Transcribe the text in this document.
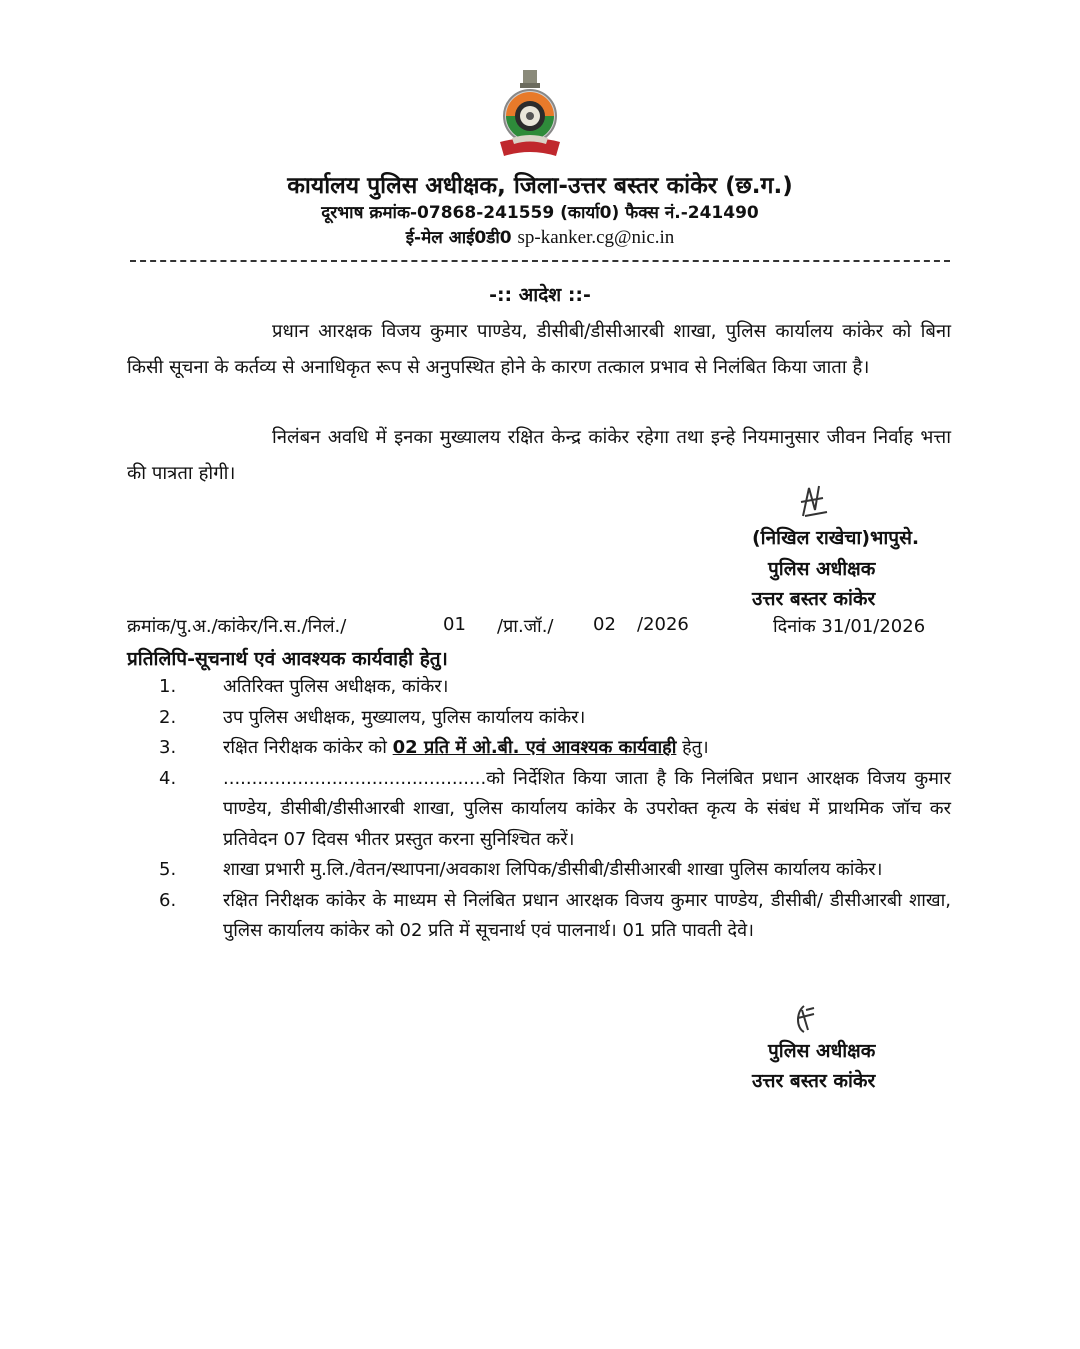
कार्यालय पुलिस अधीक्षक, जिला-उत्तर बस्तर कांकेर (छ.ग.)
दूरभाष क्रमांक-07868-241559 (कार्या0) फैक्स नं.-241490
ई-मेल आई0डी0 sp-kanker.cg@nic.in
-:: आदेश ::-
प्रधान आरक्षक विजय कुमार पाण्डेय, डीसीबी/डीसीआरबी शाखा, पुलिस कार्यालय कांकेर को बिना किसी सूचना के कर्तव्य से अनाधिकृत रूप से अनुपस्थित होने के कारण तत्काल प्रभाव से निलंबित किया जाता है।
निलंबन अवधि में इनका मुख्यालय रक्षित केन्द्र कांकेर रहेगा तथा इन्हे नियमानुसार जीवन निर्वाह भत्ता की पात्रता होगी।
(निखिल राखेचा)भापुसे.
पुलिस अधीक्षक
उत्तर बस्तर कांकेर
क्रमांक/पु.अ./कांकेर/नि.स./निलं./	01 /प्रा.जॉ./ 02 /2026	दिनांक 31/01/2026
प्रतिलिपि-सूचनार्थ एवं आवश्यक कार्यवाही हेतु।
1.	अतिरिक्त पुलिस अधीक्षक, कांकेर।
2.	उप पुलिस अधीक्षक, मुख्यालय, पुलिस कार्यालय कांकेर।
3.	रक्षित निरीक्षक कांकेर को 02 प्रति में ओ.बी. एवं आवश्यक कार्यवाही हेतु।
4.	..............................................को निर्देशित किया जाता है कि निलंबित प्रधान आरक्षक विजय कुमार पाण्डेय, डीसीबी/डीसीआरबी शाखा, पुलिस कार्यालय कांकेर के उपरोक्त कृत्य के संबंध में प्राथमिक जॉच कर प्रतिवेदन 07 दिवस भीतर प्रस्तुत करना सुनिश्चित करें।
5.	शाखा प्रभारी मु.लि./वेतन/स्थापना/अवकाश लिपिक/डीसीबी/डीसीआरबी शाखा पुलिस कार्यालय कांकेर।
6.	रक्षित निरीक्षक कांकेर के माध्यम से निलंबित प्रधान आरक्षक विजय कुमार पाण्डेय, डीसीबी/ डीसीआरबी शाखा, पुलिस कार्यालय कांकेर को 02 प्रति में सूचनार्थ एवं पालनार्थ। 01 प्रति पावती देवे।
पुलिस अधीक्षक
उत्तर बस्तर कांकेर
